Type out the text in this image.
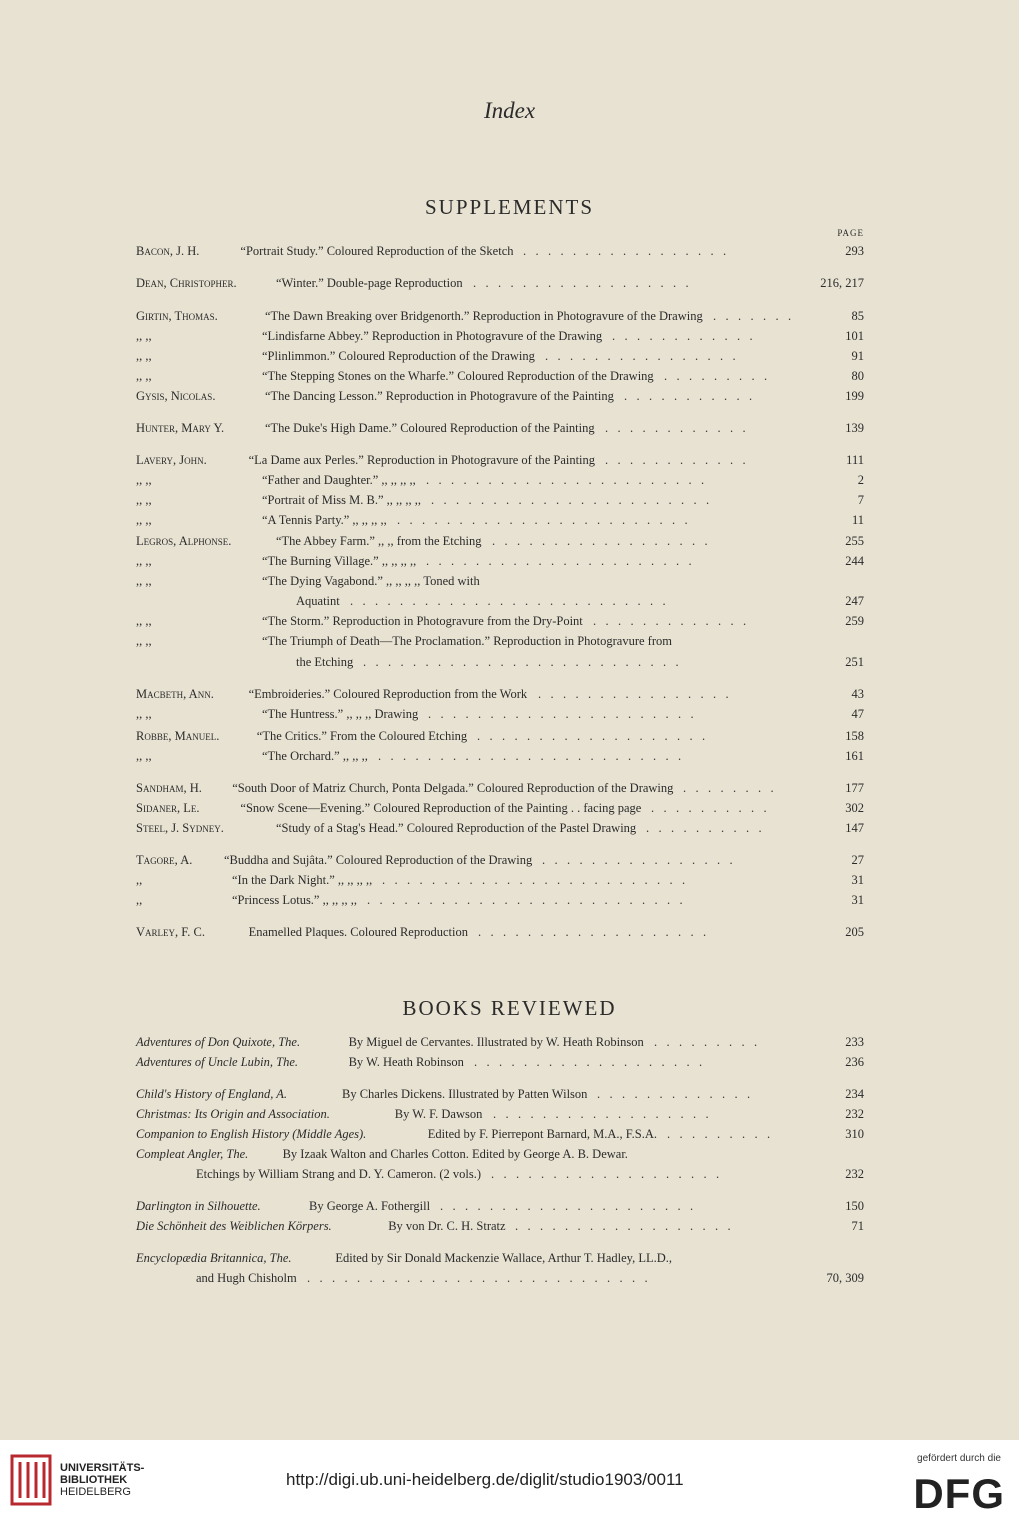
Index
SUPPLEMENTS
PAGE
Bacon, J. H.	“Portrait Study.” Coloured Reproduction of the Sketch	293
.   .   .   .   .   .   .   .   .   .   .   .   .   .   .   .   .
Dean, Christopher.	“Winter.” Double-page Reproduction	216, 217
.   .   .   .   .   .   .   .   .   .   .   .   .   .   .   .   .   .
Girtin, Thomas.	“The Dawn Breaking over Bridgenorth.” Reproduction in Photogravure of the Drawing	85
.   .   .   .   .   .   .
,, ,,	“Lindisfarne Abbey.” Reproduction in Photogravure of the Drawing	101
.   .   .   .   .   .   .   .   .   .   .   .
,, ,,	“Plinlimmon.” Coloured Reproduction of the Drawing	91
.   .   .   .   .   .   .   .   .   .   .   .   .   .   .   .
,, ,,	“The Stepping Stones on the Wharfe.” Coloured Reproduction of the Drawing	80
.   .   .   .   .   .   .   .   .
Gysis, Nicolas.	“The Dancing Lesson.” Reproduction in Photogravure of the Painting	199
.   .   .   .   .   .   .   .   .   .   .
Hunter, Mary Y.	“The Duke's High Dame.” Coloured Reproduction of the Painting	139
.   .   .   .   .   .   .   .   .   .   .   .
Lavery, John.	“La Dame aux Perles.” Reproduction in Photogravure of the Painting	111
.   .   .   .   .   .   .   .   .   .   .   .
,, ,,	“Father and Daughter.” ,, ,, ,, ,,	2
.   .   .   .   .   .   .   .   .   .   .   .   .   .   .   .   .   .   .   .   .   .   .
,, ,,	“Portrait of Miss M. B.” ,, ,, ,, ,,	7
.   .   .   .   .   .   .   .   .   .   .   .   .   .   .   .   .   .   .   .   .   .   .
,, ,,	“A Tennis Party.” ,, ,, ,, ,,	11
.   .   .   .   .   .   .   .   .   .   .   .   .   .   .   .   .   .   .   .   .   .   .   .
Legros, Alphonse.	“The Abbey Farm.” ,, ,, from the Etching	255
.   .   .   .   .   .   .   .   .   .   .   .   .   .   .   .   .   .
,, ,,	“The Burning Village.” ,, ,, ,, ,,	244
.   .   .   .   .   .   .   .   .   .   .   .   .   .   .   .   .   .   .   .   .   .
,, ,,	“The Dying Vagabond.” ,, ,, ,, ,, Toned with
Aquatint	247
.   .   .   .   .   .   .   .   .   .   .   .   .   .   .   .   .   .   .   .   .   .   .   .   .   .
,, ,,	“The Storm.” Reproduction in Photogravure from the Dry-Point	259
.   .   .   .   .   .   .   .   .   .   .   .   .
,, ,,	“The Triumph of Death—The Proclamation.” Reproduction in Photogravure from
the Etching	251
.   .   .   .   .   .   .   .   .   .   .   .   .   .   .   .   .   .   .   .   .   .   .   .   .   .
Macbeth, Ann.	“Embroideries.” Coloured Reproduction from the Work	43
.   .   .   .   .   .   .   .   .   .   .   .   .   .   .   .
,, ,,	“The Huntress.” ,, ,, ,, Drawing	47
.   .   .   .   .   .   .   .   .   .   .   .   .   .   .   .   .   .   .   .   .   .
Robbe, Manuel.	“The Critics.” From the Coloured Etching	158
.   .   .   .   .   .   .   .   .   .   .   .   .   .   .   .   .   .   .
,, ,,	“The Orchard.” ,, ,, ,,	161
.   .   .   .   .   .   .   .   .   .   .   .   .   .   .   .   .   .   .   .   .   .   .   .   .
Sandham, H. “South Door of Matriz Church, Ponta Delgada.” Coloured Reproduction of the Drawing	177
.   .   .   .   .   .   .   .
Sidaner, Le.	“Snow Scene—Evening.” Coloured Reproduction of the Painting . . facing page	302
.   .   .   .   .   .   .   .   .   .
Steel, J. Sydney.	“Study of a Stag's Head.” Coloured Reproduction of the Pastel Drawing	147
.   .   .   .   .   .   .   .   .   .
Tagore, A.	“Buddha and Sujâta.” Coloured Reproduction of the Drawing	27
.   .   .   .   .   .   .   .   .   .   .   .   .   .   .   .
,,	“In the Dark Night.” ,, ,, ,, ,,	31
.   .   .   .   .   .   .   .   .   .   .   .   .   .   .   .   .   .   .   .   .   .   .   .   .
,,	“Princess Lotus.” ,, ,, ,, ,,	31
.   .   .   .   .   .   .   .   .   .   .   .   .   .   .   .   .   .   .   .   .   .   .   .   .   .
Varley, F. C.	Enamelled Plaques. Coloured Reproduction	205
.   .   .   .   .   .   .   .   .   .   .   .   .   .   .   .   .   .   .
BOOKS REVIEWED
Adventures of Don Quixote, The.	By Miguel de Cervantes. Illustrated by W. Heath Robinson	233
.   .   .   .   .   .   .   .   .
Adventures of Uncle Lubin, The.	By W. Heath Robinson	236
.   .   .   .   .   .   .   .   .   .   .   .   .   .   .   .   .   .   .
Child's History of England, A.	By Charles Dickens. Illustrated by Patten Wilson	234
.   .   .   .   .   .   .   .   .   .   .   .   .
Christmas: Its Origin and Association.	By W. F. Dawson	232
.   .   .   .   .   .   .   .   .   .   .   .   .   .   .   .   .   .
Companion to English History (Middle Ages).	Edited by F. Pierrepont Barnard, M.A., F.S.A.	310
.   .   .   .   .   .   .   .   .
Compleat Angler, The.	By Izaak Walton and Charles Cotton. Edited by George A. B. Dewar.
Etchings by William Strang and D. Y. Cameron. (2 vols.)	232
.   .   .   .   .   .   .   .   .   .   .   .   .   .   .   .   .   .   .
Darlington in Silhouette.	By George A. Fothergill	150
.   .   .   .   .   .   .   .   .   .   .   .   .   .   .   .   .   .   .   .   .
Die Schönheit des Weiblichen Körpers.	By von Dr. C. H. Stratz	71
.   .   .   .   .   .   .   .   .   .   .   .   .   .   .   .   .   .
Encyclopædia Britannica, The.	Edited by Sir Donald Mackenzie Wallace, Arthur T. Hadley, LL.D.,
and Hugh Chisholm	70, 309
.   .   .   .   .   .   .   .   .   .   .   .   .   .   .   .   .   .   .   .   .   .   .   .   .   .   .   .
UNIVERSITÄTS-
BIBLIOTHEK
HEIDELBERG
http://digi.ub.uni-heidelberg.de/diglit/studio1903/0011
gefördert durch die
DFG
